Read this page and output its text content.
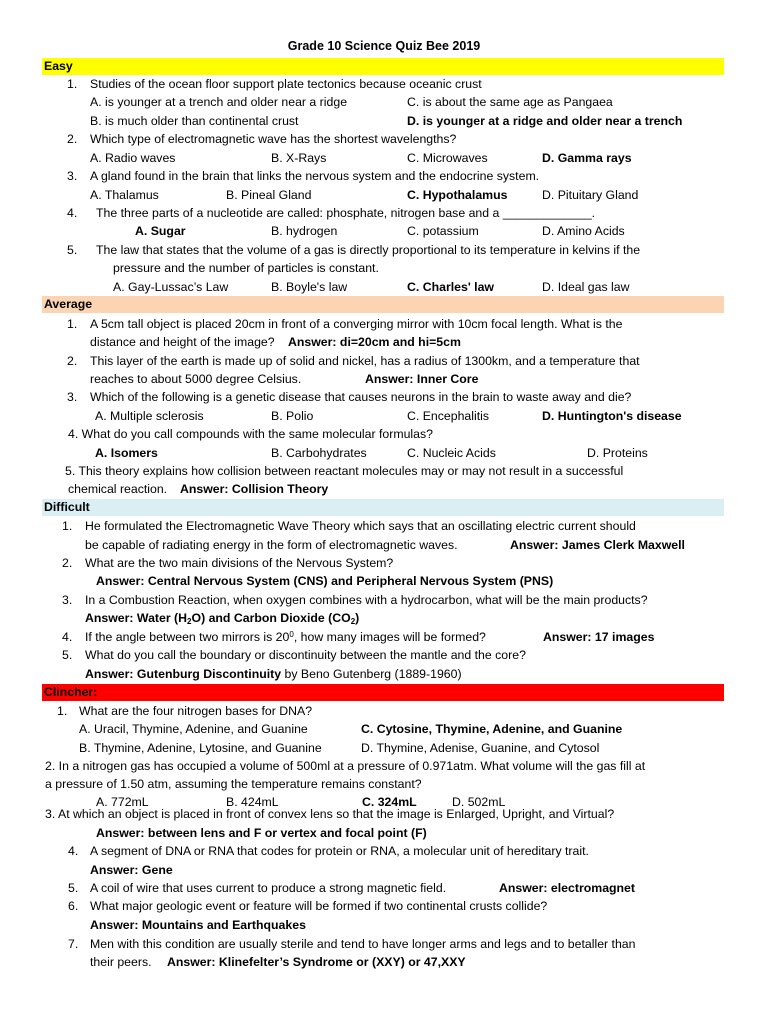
Grade 10 Science Quiz Bee 2019
Easy
1. Studies of the ocean floor support plate tectonics because oceanic crust
A. is younger at a trench and older near a ridge	C. is about the same age as Pangaea
B. is much older than continental crust	D. is younger at a ridge and older near a trench
2. Which type of electromagnetic wave has the shortest wavelengths?
A. Radio waves	B. X-Rays	C. Microwaves	D. Gamma rays
3. A gland found in the brain that links the nervous system and the endocrine system.
A. Thalamus	B. Pineal Gland	C. Hypothalamus	D. Pituitary Gland
4. The three parts of a nucleotide are called: phosphate, nitrogen base and a _____________.
A. Sugar	B. hydrogen	C. potassium	D. Amino Acids
5. The law that states that the volume of a gas is directly proportional to its temperature in kelvins if the
pressure and the number of particles is constant.
A. Gay-Lussac’s Law	B. Boyle's law	C. Charles' law	D. Ideal gas law
Average
1. A 5cm tall object is placed 20cm in front of a converging mirror with 10cm focal length. What is the
distance and height of the image? Answer: di=20cm and hi=5cm
2. This layer of the earth is made up of solid and nickel, has a radius of 1300km, and a temperature that
reaches to about 5000 degree Celsius.	Answer: Inner Core
3. Which of the following is a genetic disease that causes neurons in the brain to waste away and die?
A. Multiple sclerosis	B. Polio	C. Encephalitis	D. Huntington's disease
4. What do you call compounds with the same molecular formulas?
A. Isomers	B. Carbohydrates	C. Nucleic Acids	D. Proteins
5. This theory explains how collision between reactant molecules may or may not result in a successful
chemical reaction. Answer: Collision Theory
Difficult
1. He formulated the Electromagnetic Wave Theory which says that an oscillating electric current should
be capable of radiating energy in the form of electromagnetic waves.	Answer: James Clerk Maxwell
2. What are the two main divisions of the Nervous System?
Answer: Central Nervous System (CNS) and Peripheral Nervous System (PNS)
3. In a Combustion Reaction, when oxygen combines with a hydrocarbon, what will be the main products?
Answer: Water $(H_2O)$ and Carbon Dioxide $(CO_2)$
4. If the angle between two mirrors is $20^0$, how many images will be formed?	Answer: 17 images
5. What do you call the boundary or discontinuity between the mantle and the core?
Answer: Gutenburg Discontinuity by Beno Gutenberg (1889-1960)
Clincher:
1. What are the four nitrogen bases for DNA?
A. Uracil, Thymine, Adenine, and Guanine	C. Cytosine, Thymine, Adenine, and Guanine
B. Thymine, Adenine, Lytosine, and Guanine	D. Thymine, Adenise, Guanine, and Cytosol
2. In a nitrogen gas has occupied a volume of 500ml at a pressure of 0.971atm. What volume will the gas fill at
a pressure of 1.50 atm, assuming the temperature remains constant?
A. 772mL	B. 424mL	C. 324mL	D. 502mL
3. At which an object is placed in front of convex lens so that the image is Enlarged, Upright, and Virtual?
Answer: between lens and F or vertex and focal point (F)
4. A segment of DNA or RNA that codes for protein or RNA, a molecular unit of hereditary trait.
Answer: Gene
5. A coil of wire that uses current to produce a strong magnetic field.	Answer: electromagnet
6. What major geologic event or feature will be formed if two continental crusts collide?
Answer: Mountains and Earthquakes
7. Men with this condition are usually sterile and tend to have longer arms and legs and to betaller than
their peers. Answer: Klinefelter’s Syndrome or (XXY) or 47,XXY
